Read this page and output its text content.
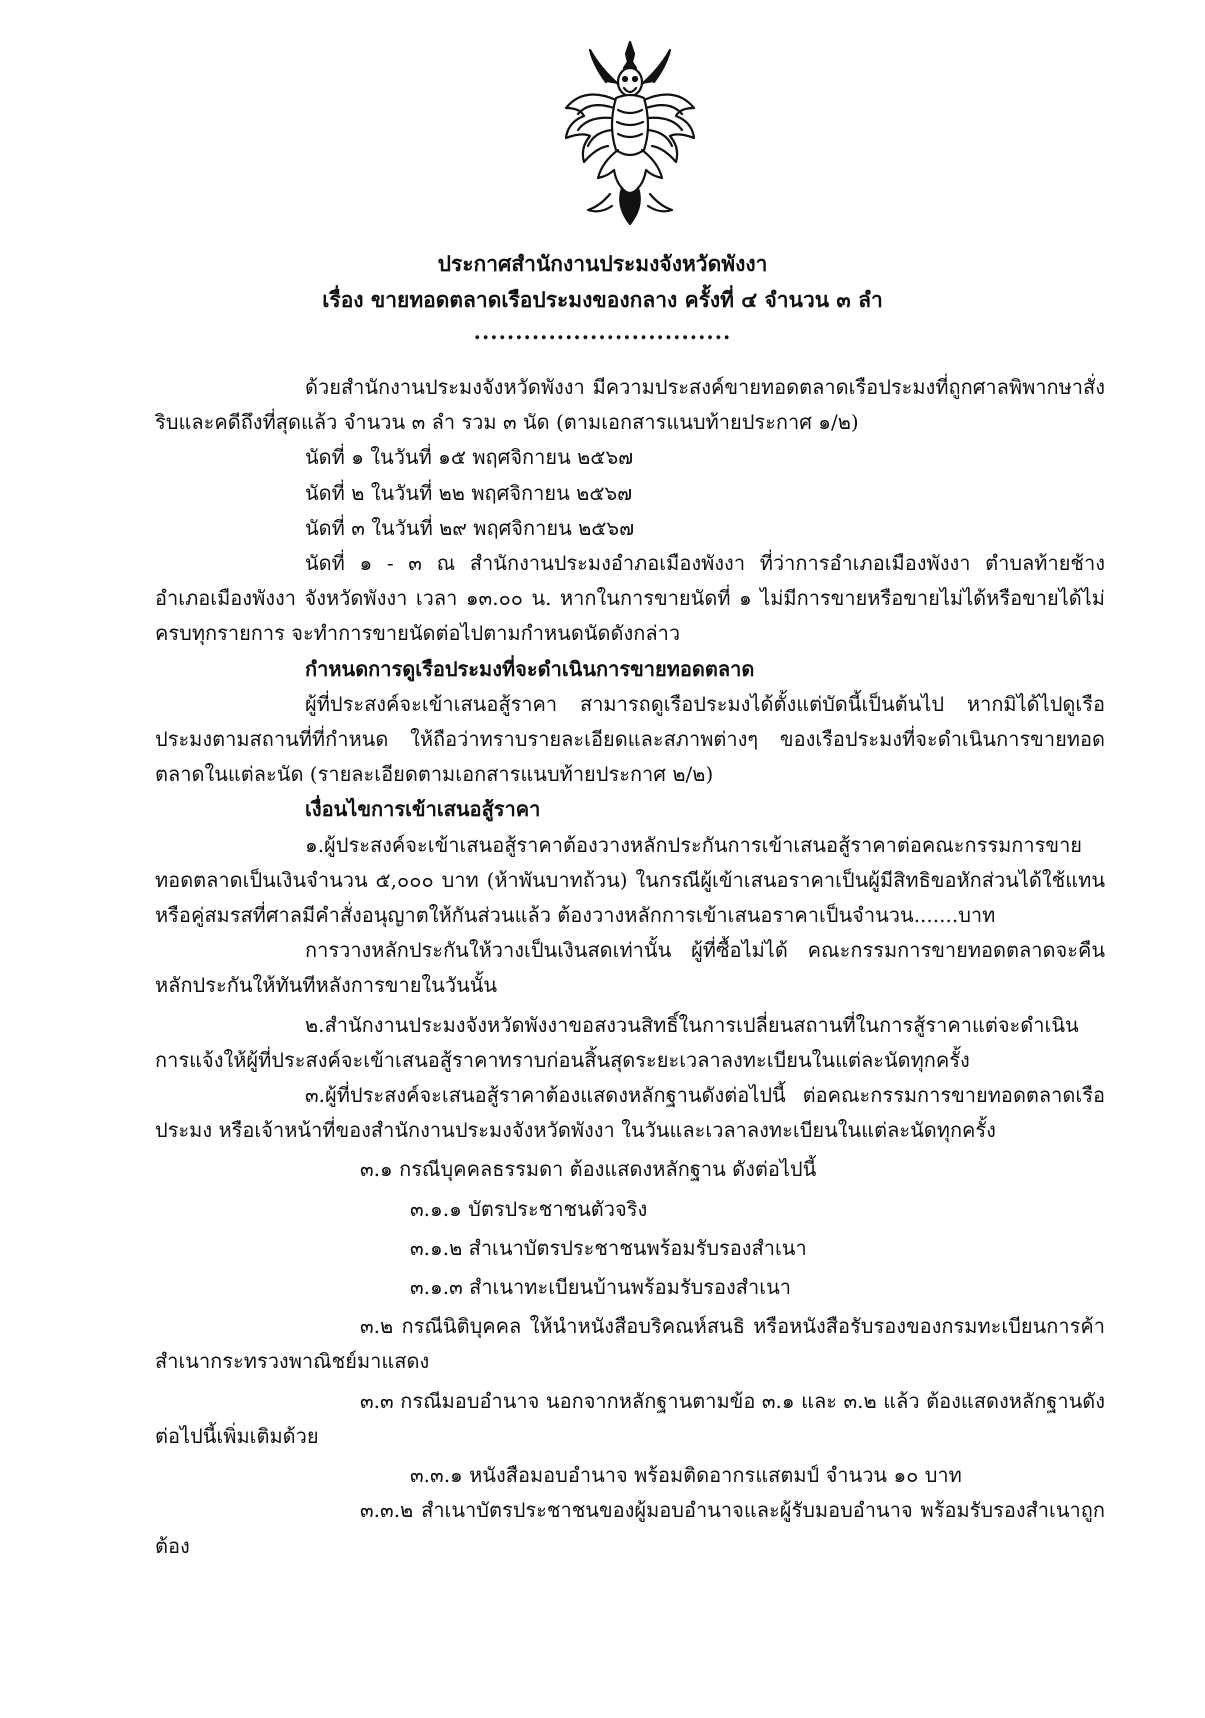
ประกาศสำนักงานประมงจังหวัดพังงา
เรื่อง ขายทอดตลาดเรือประมงของกลาง ครั้งที่ ๔ จำนวน ๓ ลำ
...............................

ด้วยสำนักงานประมงจังหวัดพังงา มีความประสงค์ขายทอดตลาดเรือประมงที่ถูกศาลพิพากษาสั่งริบและคดีถึงที่สุดแล้ว จำนวน ๓ ลำ รวม ๓ นัด (ตามเอกสารแนบท้ายประกาศ ๑/๒)

นัดที่ ๑ ในวันที่ ๑๕ พฤศจิกายน ๒๕๖๗

นัดที่ ๒ ในวันที่ ๒๒ พฤศจิกายน ๒๕๖๗

นัดที่ ๓ ในวันที่ ๒๙ พฤศจิกายน ๒๕๖๗

นัดที่ ๑ - ๓ ณ สำนักงานประมงอำภอเมืองพังงา ที่ว่าการอำเภอเมืองพังงา ตำบลท้ายช้าง อำเภอเมืองพังงา จังหวัดพังงา เวลา ๑๓.๐๐ น. หากในการขายนัดที่ ๑ ไม่มีการขายหรือขายไม่ได้หรือขายได้ไม่ครบทุกรายการ จะทำการขายนัดต่อไปตามกำหนดนัดดังกล่าว

กำหนดการดูเรือประมงที่จะดำเนินการขายทอดตลาด

ผู้ที่ประสงค์จะเข้าเสนอสู้ราคา สามารถดูเรือประมงได้ตั้งแต่บัดนี้เป็นต้นไป หากมิได้ไปดูเรือประมงตามสถานที่ที่กำหนด ให้ถือว่าทราบรายละเอียดและสภาพต่างๆ ของเรือประมงที่จะดำเนินการขายทอดตลาดในแต่ละนัด (รายละเอียดตามเอกสารแนบท้ายประกาศ ๒/๒)

เงื่อนไขการเข้าเสนอสู้ราคา

๑.ผู้ประสงค์จะเข้าเสนอสู้ราคาต้องวางหลักประกันการเข้าเสนอสู้ราคาต่อคณะกรรมการขายทอดตลาดเป็นเงินจำนวน ๕,๐๐๐ บาท (ห้าพันบาทถ้วน) ในกรณีผู้เข้าเสนอราคาเป็นผู้มีสิทธิขอหักส่วนได้ใช้แทนหรือคู่สมรสที่ศาลมีคำสั่งอนุญาตให้กันส่วนแล้ว ต้องวางหลักการเข้าเสนอราคาเป็นจำนวน.......บาท

การวางหลักประกันให้วางเป็นเงินสดเท่านั้น ผู้ที่ซื้อไม่ได้ คณะกรรมการขายทอดตลาดจะคืนหลักประกันให้ทันทีหลังการขายในวันนั้น

๒.สำนักงานประมงจังหวัดพังงาขอสงวนสิทธิ์ในการเปลี่ยนสถานที่ในการสู้ราคาแต่จะดำเนินการแจ้งให้ผู้ที่ประสงค์จะเข้าเสนอสู้ราคาทราบก่อนสิ้นสุดระยะเวลาลงทะเบียนในแต่ละนัดทุกครั้ง

๓.ผู้ที่ประสงค์จะเสนอสู้ราคาต้องแสดงหลักฐานดังต่อไปนี้ ต่อคณะกรรมการขายทอดตลาดเรือประมง หรือเจ้าหน้าที่ของสำนักงานประมงจังหวัดพังงา ในวันและเวลาลงทะเบียนในแต่ละนัดทุกครั้ง

๓.๑ กรณีบุคคลธรรมดา ต้องแสดงหลักฐาน ดังต่อไปนี้

๓.๑.๑ บัตรประชาชนตัวจริง

๓.๑.๒ สำเนาบัตรประชาชนพร้อมรับรองสำเนา

๓.๑.๓ สำเนาทะเบียนบ้านพร้อมรับรองสำเนา

๓.๒ กรณีนิติบุคคล ให้นำหนังสือบริคณห์สนธิ หรือหนังสือรับรองของกรมทะเบียนการค้าสำเนากระทรวงพาณิชย์มาแสดง

๓.๓ กรณีมอบอำนาจ นอกจากหลักฐานตามข้อ ๓.๑ และ ๓.๒ แล้ว ต้องแสดงหลักฐานดังต่อไปนี้เพิ่มเติมด้วย

๓.๓.๑ หนังสือมอบอำนาจ พร้อมติดอากรแสตมป์ จำนวน ๑๐ บาท

๓.๓.๒ สำเนาบัตรประชาชนของผู้มอบอำนาจและผู้รับมอบอำนาจ พร้อมรับรองสำเนาถูกต้อง
